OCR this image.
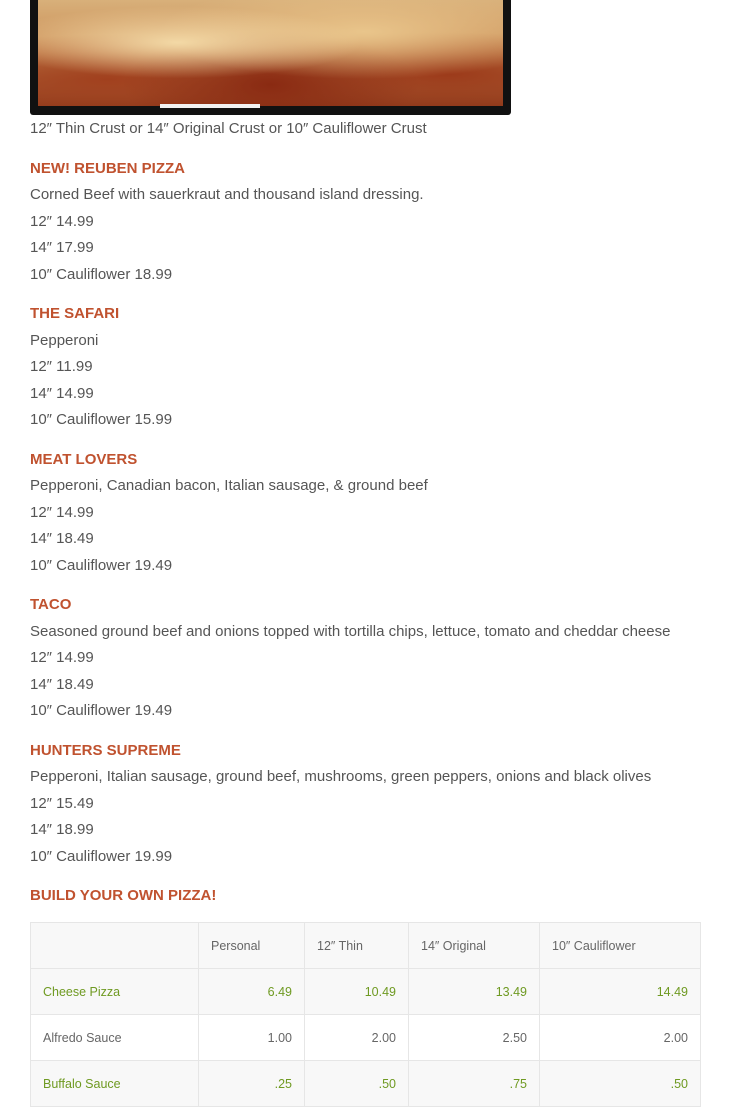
12″ Thin Crust or 14″ Original Crust or 10″ Cauliflower Crust
NEW! REUBEN PIZZA
Corned Beef with sauerkraut and thousand island dressing.
12″ 14.99
14″ 17.99
10″ Cauliflower 18.99
THE SAFARI
Pepperoni
12″ 11.99
14″ 14.99
10″ Cauliflower 15.99
MEAT LOVERS
Pepperoni, Canadian bacon, Italian sausage, & ground beef
12″ 14.99
14″ 18.49
10″ Cauliflower 19.49
TACO
Seasoned ground beef and onions topped with tortilla chips, lettuce, tomato and cheddar cheese
12″ 14.99
14″ 18.49
10″ Cauliflower 19.49
HUNTERS SUPREME
Pepperoni, Italian sausage, ground beef, mushrooms, green peppers, onions and black olives
12″ 15.49
14″ 18.99
10″ Cauliflower 19.99
BUILD YOUR OWN PIZZA!
	Personal	12″ Thin	14″ Original	10″ Cauliflower
Cheese Pizza	6.49	10.49	13.49	14.49
Alfredo Sauce	1.00	2.00	2.50	2.00
Buffalo Sauce	.25	.50	.75	.50
